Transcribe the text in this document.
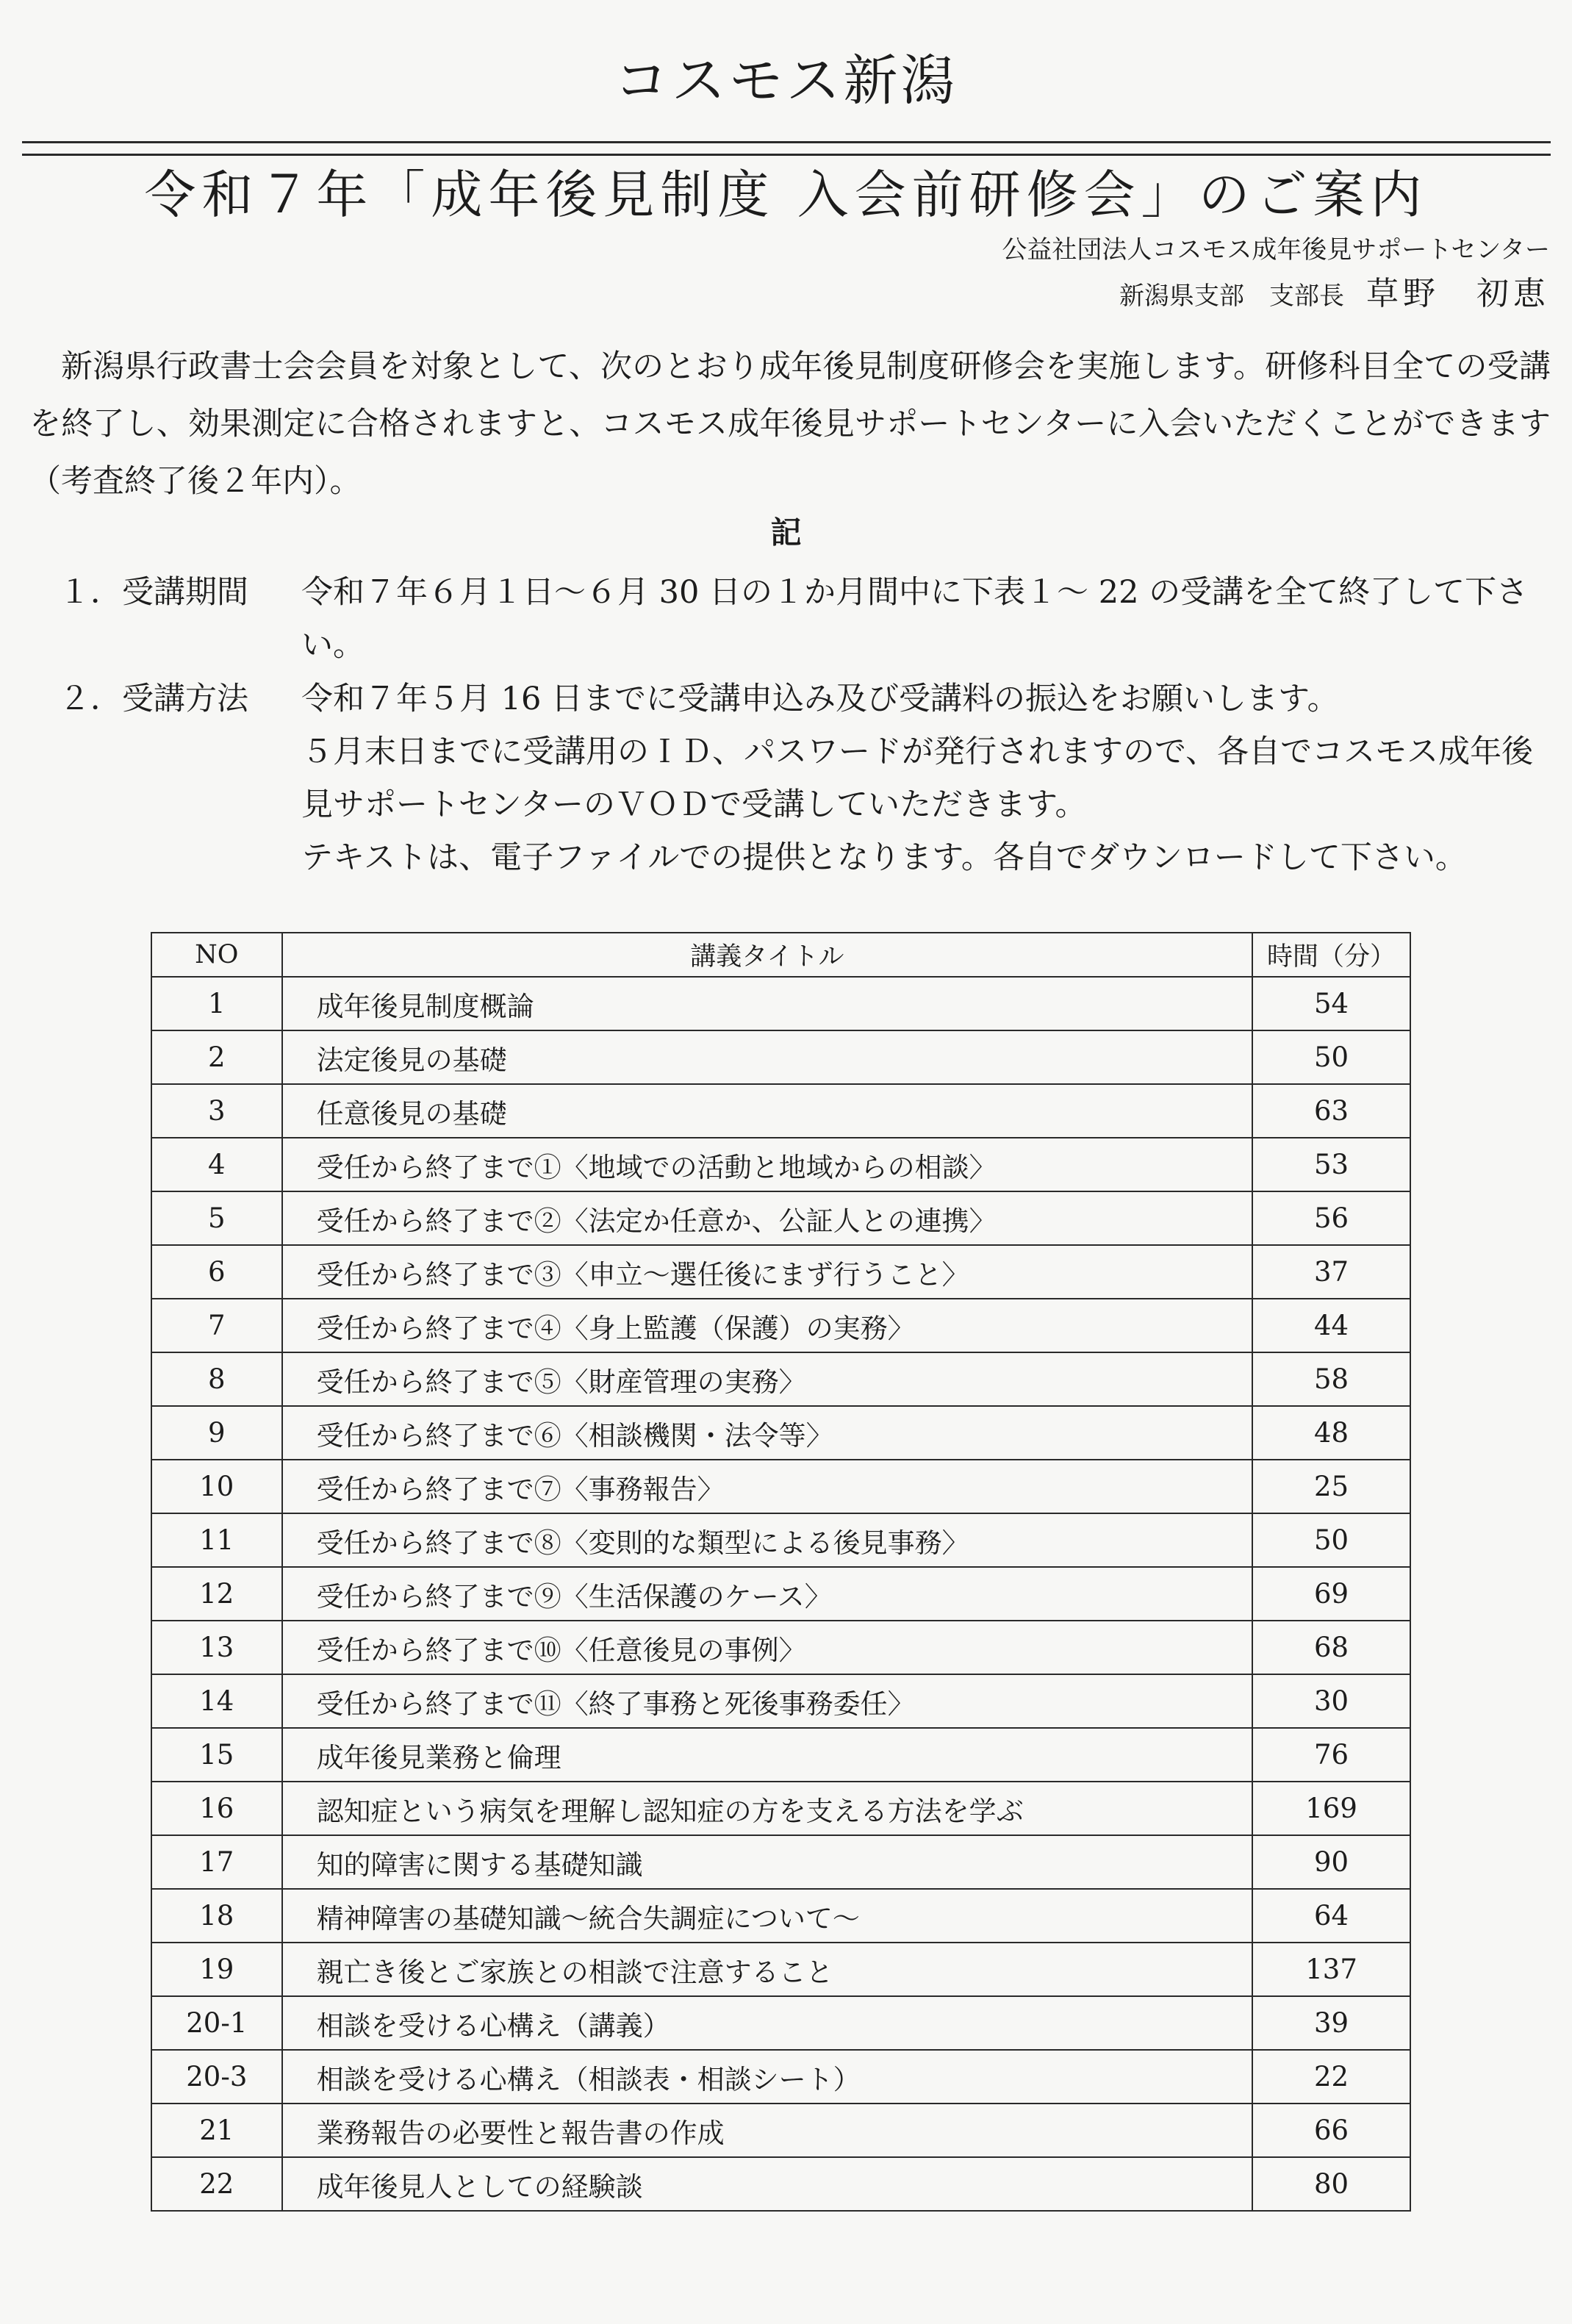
コスモス新潟
令和７年「成年後見制度 入会前研修会」のご案内
公益社団法人コスモス成年後見サポートセンター
新潟県支部　支部長 草野　初恵
新潟県行政書士会会員を対象として、次のとおり成年後見制度研修会を実施します。研修科目全ての受講を終了し、効果測定に合格されますと、コスモス成年後見サポートセンターに入会いただくことができます（考査終了後２年内）。
記
１．受講期間	令和７年６月１日～６月 30 日の１か月間中に下表１～ 22 の受講を全て終了して下さい。

２．受講方法	令和７年５月 16 日までに受講申込み及び受講料の振込をお願いします。

５月末日までに受講用のＩＤ、パスワードが発行されますので、各自でコスモス成年後見サポートセンターのＶＯＤで受講していただきます。

テキストは、電子ファイルでの提供となります。各自でダウンロードして下さい。

NO	講義タイトル	時間（分）
1	成年後見制度概論	54
2	法定後見の基礎	50
3	任意後見の基礎	63
4	受任から終了まで①〈地域での活動と地域からの相談〉	53
5	受任から終了まで②〈法定か任意か、公証人との連携〉	56
6	受任から終了まで③〈申立～選任後にまず行うこと〉	37
7	受任から終了まで④〈身上監護（保護）の実務〉	44
8	受任から終了まで⑤〈財産管理の実務〉	58
9	受任から終了まで⑥〈相談機関・法令等〉	48
10	受任から終了まで⑦〈事務報告〉	25
11	受任から終了まで⑧〈変則的な類型による後見事務〉	50
12	受任から終了まで⑨〈生活保護のケース〉	69
13	受任から終了まで⑩〈任意後見の事例〉	68
14	受任から終了まで⑪〈終了事務と死後事務委任〉	30
15	成年後見業務と倫理	76
16	認知症という病気を理解し認知症の方を支える方法を学ぶ	169
17	知的障害に関する基礎知識	90
18	精神障害の基礎知識～統合失調症について～	64
19	親亡き後とご家族との相談で注意すること	137
20-1	相談を受ける心構え（講義）	39
20-3	相談を受ける心構え（相談表・相談シート）	22
21	業務報告の必要性と報告書の作成	66
22	成年後見人としての経験談	80
